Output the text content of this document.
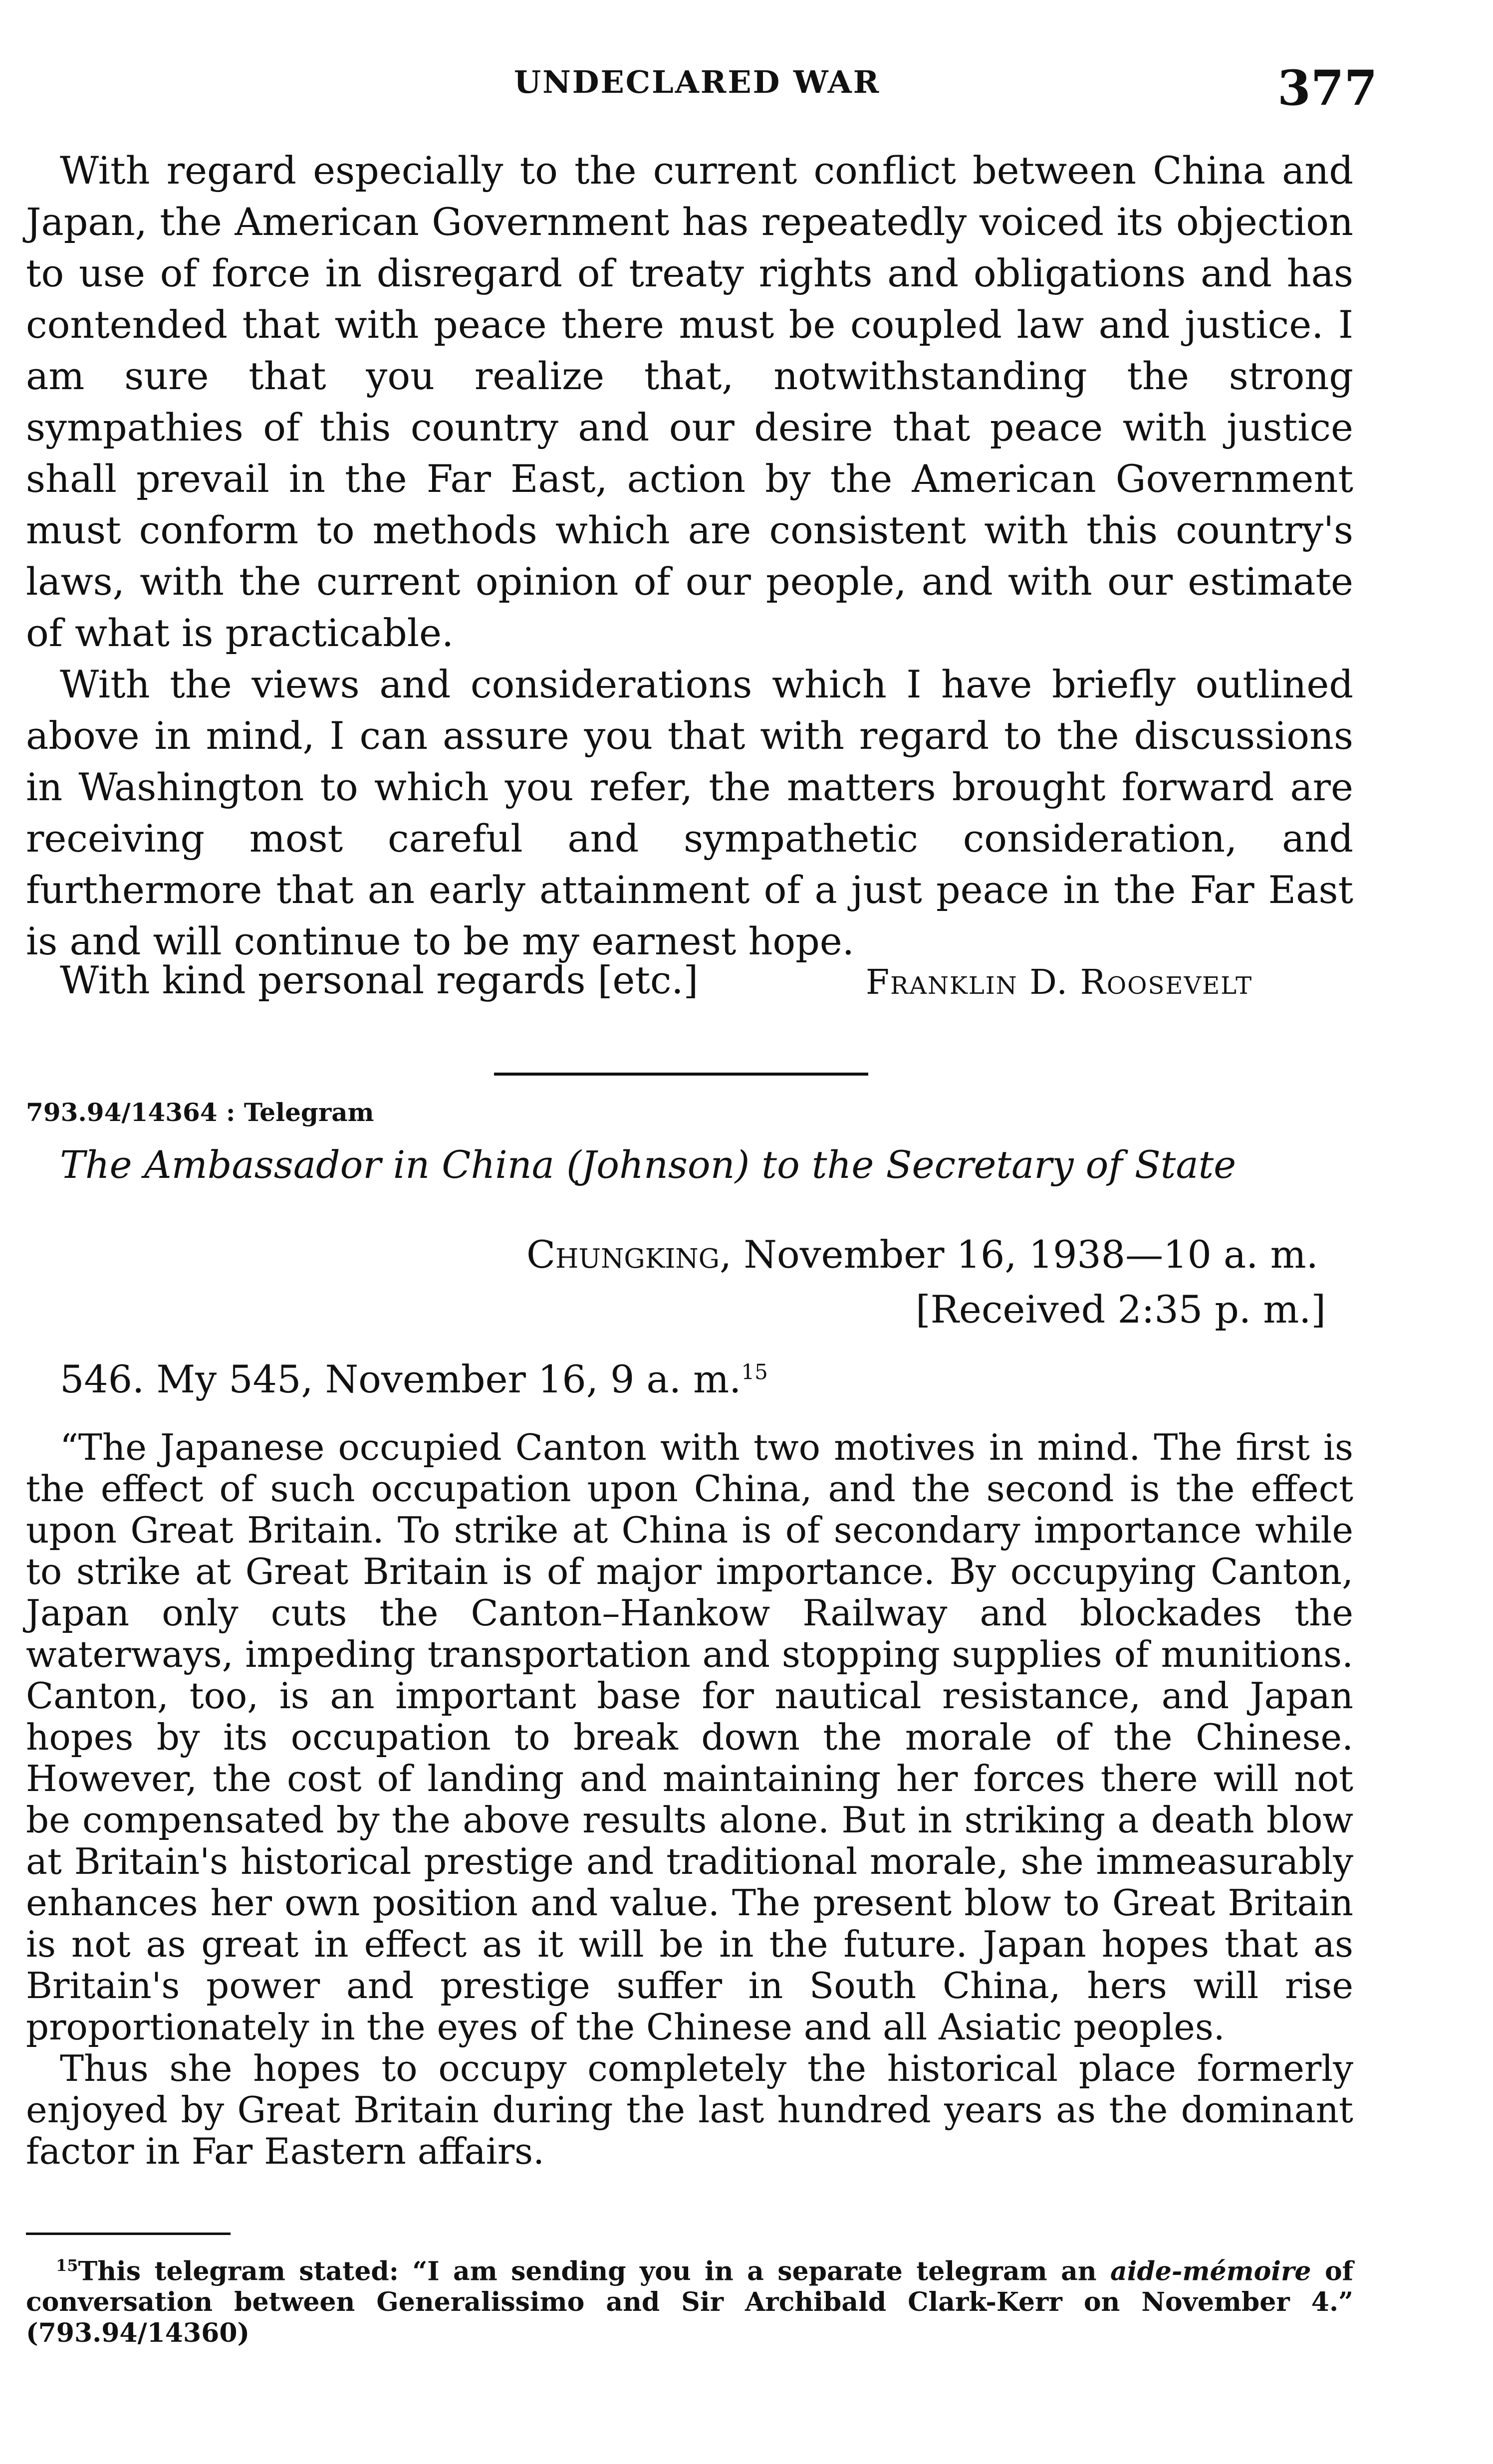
UNDECLARED WAR	377

With regard especially to the current conflict between China and Japan, the American Government has repeatedly voiced its objection to use of force in disregard of treaty rights and obligations and has contended that with peace there must be coupled law and justice. I am sure that you realize that, notwithstanding the strong sympathies of this country and our desire that peace with justice shall prevail in the Far East, action by the American Government must conform to methods which are consistent with this country's laws, with the current opinion of our people, and with our estimate of what is practicable.

With the views and considerations which I have briefly outlined above in mind, I can assure you that with regard to the discussions in Washington to which you refer, the matters brought forward are receiving most careful and sympathetic consideration, and furthermore that an early attainment of a just peace in the Far East is and will continue to be my earnest hope.

With kind personal regards [etc.]	Franklin D. Roosevelt
793.94/14364 : Telegram
The Ambassador in China (Johnson) to the Secretary of State
Chungking, November 16, 1938—10 a. m.
[Received 2:35 p. m.]
546. My 545, November 16, 9 a. m.$^{15}$

“The Japanese occupied Canton with two motives in mind. The first is the effect of such occupation upon China, and the second is the effect upon Great Britain. To strike at China is of secondary importance while to strike at Great Britain is of major importance. By occupying Canton, Japan only cuts the Canton–Hankow Railway and blockades the waterways, impeding transportation and stopping supplies of munitions. Canton, too, is an important base for nautical resistance, and Japan hopes by its occupation to break down the morale of the Chinese. However, the cost of landing and maintaining her forces there will not be compensated by the above results alone. But in striking a death blow at Britain's historical prestige and traditional morale, she immeasurably enhances her own position and value. The present blow to Great Britain is not as great in effect as it will be in the future. Japan hopes that as Britain's power and prestige suffer in South China, hers will rise proportionately in the eyes of the Chinese and all Asiatic peoples.

Thus she hopes to occupy completely the historical place formerly enjoyed by Great Britain during the last hundred years as the dominant factor in Far Eastern affairs.

$^{15}$This telegram stated: “I am sending you in a separate telegram an aide-mémoire of conversation between Generalissimo and Sir Archibald Clark-Kerr on November 4.” (793.94/14360)
